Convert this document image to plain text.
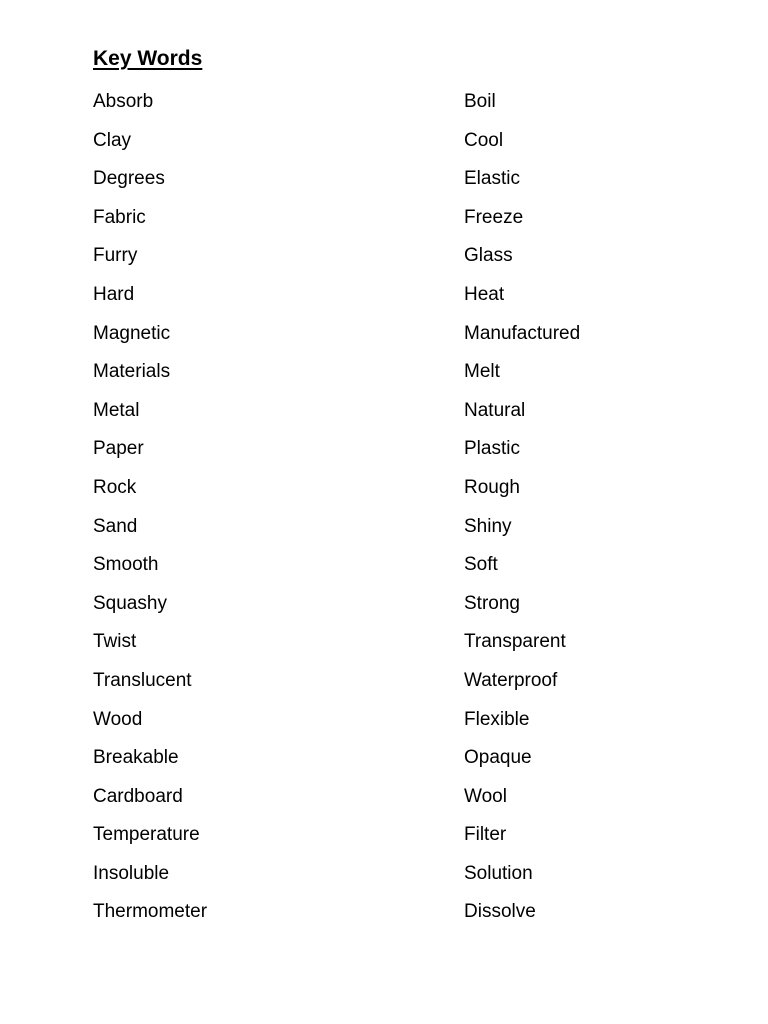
Key Words
Absorb
Clay
Degrees
Fabric
Furry
Hard
Magnetic
Materials
Metal
Paper
Rock
Sand
Smooth
Squashy
Twist
Translucent
Wood
Breakable
Cardboard
Temperature
Insoluble
Thermometer
Boil
Cool
Elastic
Freeze
Glass
Heat
Manufactured
Melt
Natural
Plastic
Rough
Shiny
Soft
Strong
Transparent
Waterproof
Flexible
Opaque
Wool
Filter
Solution
Dissolve
